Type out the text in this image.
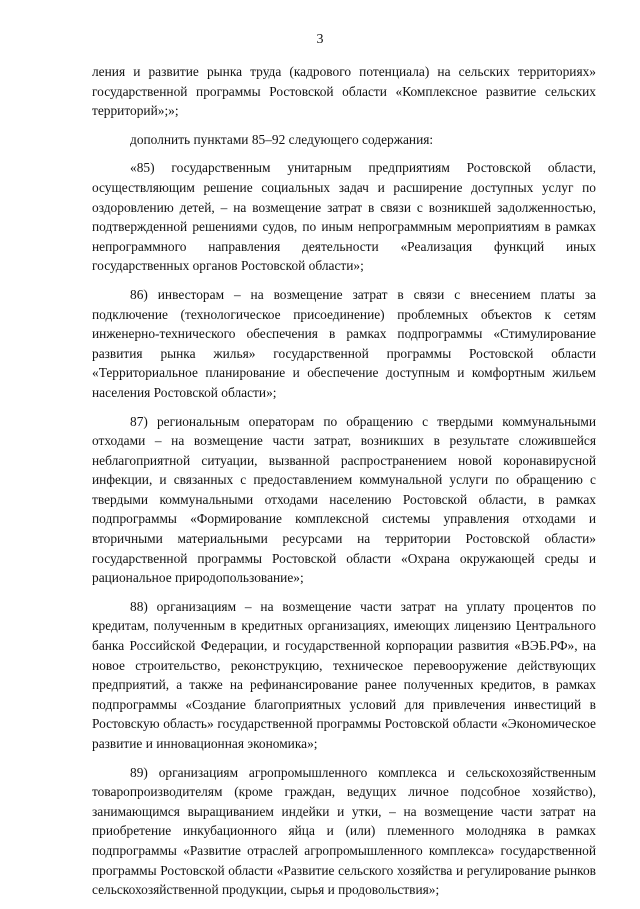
3

ления и развитие рынка труда (кадрового потенциала) на сельских территориях» государственной программы Ростовской области «Комплексное развитие сельских территорий»;»;

дополнить пунктами 85–92 следующего содержания:

«85) государственным унитарным предприятиям Ростовской области, осуществляющим решение социальных задач и расширение доступных услуг по оздоровлению детей, – на возмещение затрат в связи с возникшей задолженностью, подтвержденной решениями судов, по иным непрограммным мероприятиям в рамках непрограммного направления деятельности «Реализация функций иных государственных органов Ростовской области»;

86) инвесторам – на возмещение затрат в связи с внесением платы за подключение (технологическое присоединение) проблемных объектов к сетям инженерно-технического обеспечения в рамках подпрограммы «Стимулирование развития рынка жилья» государственной программы Ростовской области «Территориальное планирование и обеспечение доступным и комфортным жильем населения Ростовской области»;

87) региональным операторам по обращению с твердыми коммунальными отходами – на возмещение части затрат, возникших в результате сложившейся неблагоприятной ситуации, вызванной распространением новой коронавирусной инфекции, и связанных с предоставлением коммунальной услуги по обращению с твердыми коммунальными отходами населению Ростовской области, в рамках подпрограммы «Формирование комплексной системы управления отходами и вторичными материальными ресурсами на территории Ростовской области» государственной программы Ростовской области «Охрана окружающей среды и рациональное природопользование»;

88) организациям – на возмещение части затрат на уплату процентов по кредитам, полученным в кредитных организациях, имеющих лицензию Центрального банка Российской Федерации, и государственной корпорации развития «ВЭБ.РФ», на новое строительство, реконструкцию, техническое перевооружение действующих предприятий, а также на рефинансирование ранее полученных кредитов, в рамках подпрограммы «Создание благоприятных условий для привлечения инвестиций в Ростовскую область» государственной программы Ростовской области «Экономическое развитие и инновационная экономика»;

89) организациям агропромышленного комплекса и сельскохозяйственным товаропроизводителям (кроме граждан, ведущих личное подсобное хозяйство), занимающимся выращиванием индейки и утки, – на возмещение части затрат на приобретение инкубационного яйца и (или) племенного молодняка в рамках подпрограммы «Развитие отраслей агропромышленного комплекса» государственной программы Ростовской области «Развитие сельского хозяйства и регулирование рынков сельскохозяйственной продукции, сырья и продовольствия»;
